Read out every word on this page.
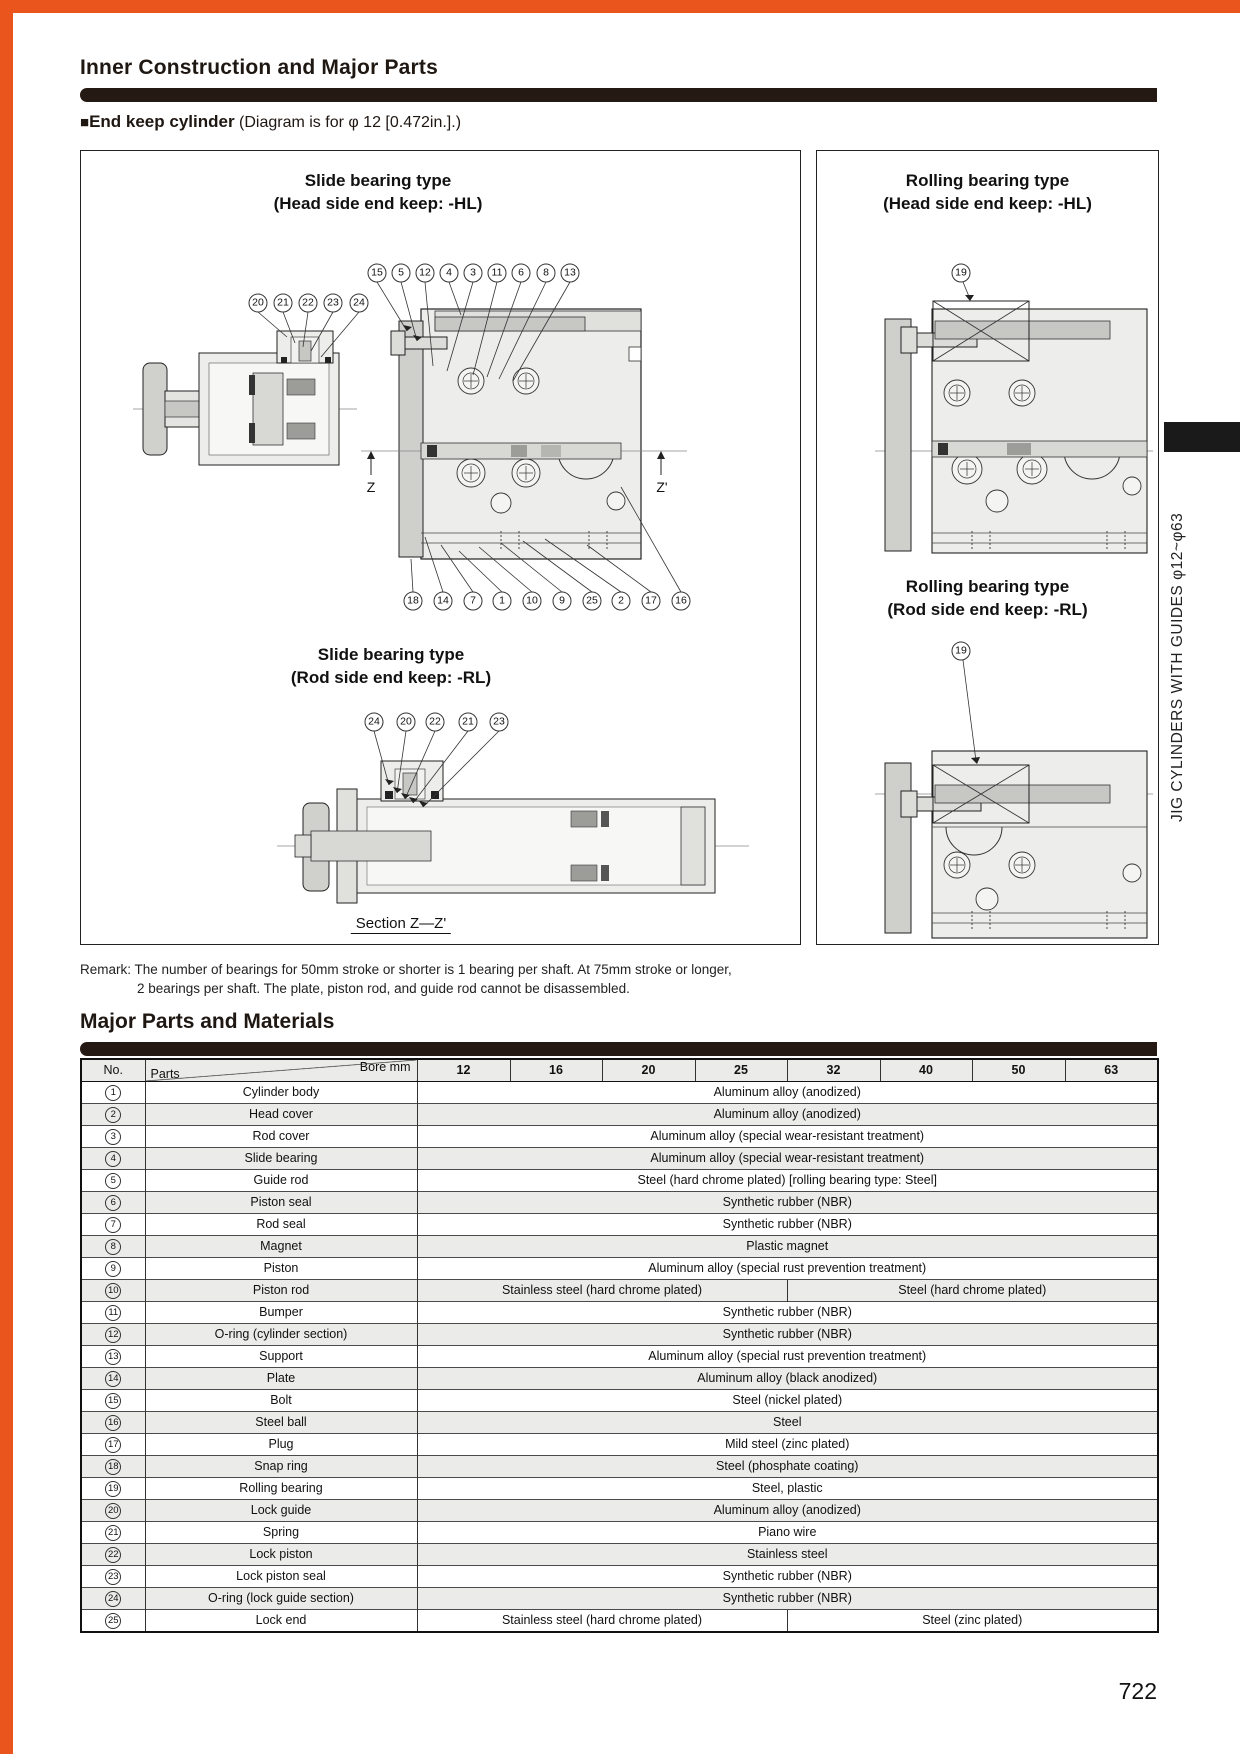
Inner Construction and Major Parts
■End keep cylinder (Diagram is for φ 12 [0.472in.].)
Slide bearing type
(Head side end keep: -HL)
Slide bearing type
(Rod side end keep: -RL)
Z	Z'
Section Z—Z'
15	5	12	4	3	11	6	8	13
20	21	22	23	24
18	14	7	1	10	9	25	2	17	16
24	20	22	21	23
Rolling bearing type
(Head side end keep: -HL)
Rolling bearing type
(Rod side end keep: -RL)
19
19
Remark: The number of bearings for 50mm stroke or shorter is 1 bearing per shaft. At 75mm stroke or longer,
2 bearings per shaft. The plate, piston rod, and guide rod cannot be disassembled.
Major Parts and Materials
No.	Bore mm
Parts	12	16	20	25	32	40	50	63
1	Cylinder body	Aluminum alloy (anodized)							
2	Head cover	Aluminum alloy (anodized)							
3	Rod cover	Aluminum alloy (special wear-resistant treatment)							
4	Slide bearing	Aluminum alloy (special wear-resistant treatment)							
5	Guide rod	Steel (hard chrome plated) [rolling bearing type: Steel]							
6	Piston seal	Synthetic rubber (NBR)							
7	Rod seal	Synthetic rubber (NBR)							
8	Magnet	Plastic magnet							
9	Piston	Aluminum alloy (special rust prevention treatment)							
10	Piston rod	Stainless steel (hard chrome plated)				Steel (hard chrome plated)			
11	Bumper	Synthetic rubber (NBR)							
12	O-ring (cylinder section)	Synthetic rubber (NBR)							
13	Support	Aluminum alloy (special rust prevention treatment)							
14	Plate	Aluminum alloy (black anodized)							
15	Bolt	Steel (nickel plated)							
16	Steel ball	Steel							
17	Plug	Mild steel (zinc plated)							
18	Snap ring	Steel (phosphate coating)							
19	Rolling bearing	Steel, plastic							
20	Lock guide	Aluminum alloy (anodized)							
21	Spring	Piano wire							
22	Lock piston	Stainless steel							
23	Lock piston seal	Synthetic rubber (NBR)							
24	O-ring (lock guide section)	Synthetic rubber (NBR)							
25	Lock end	Stainless steel (hard chrome plated)				Steel (zinc plated)			
JIG CYLINDERS WITH GUIDES φ12~φ63
722
